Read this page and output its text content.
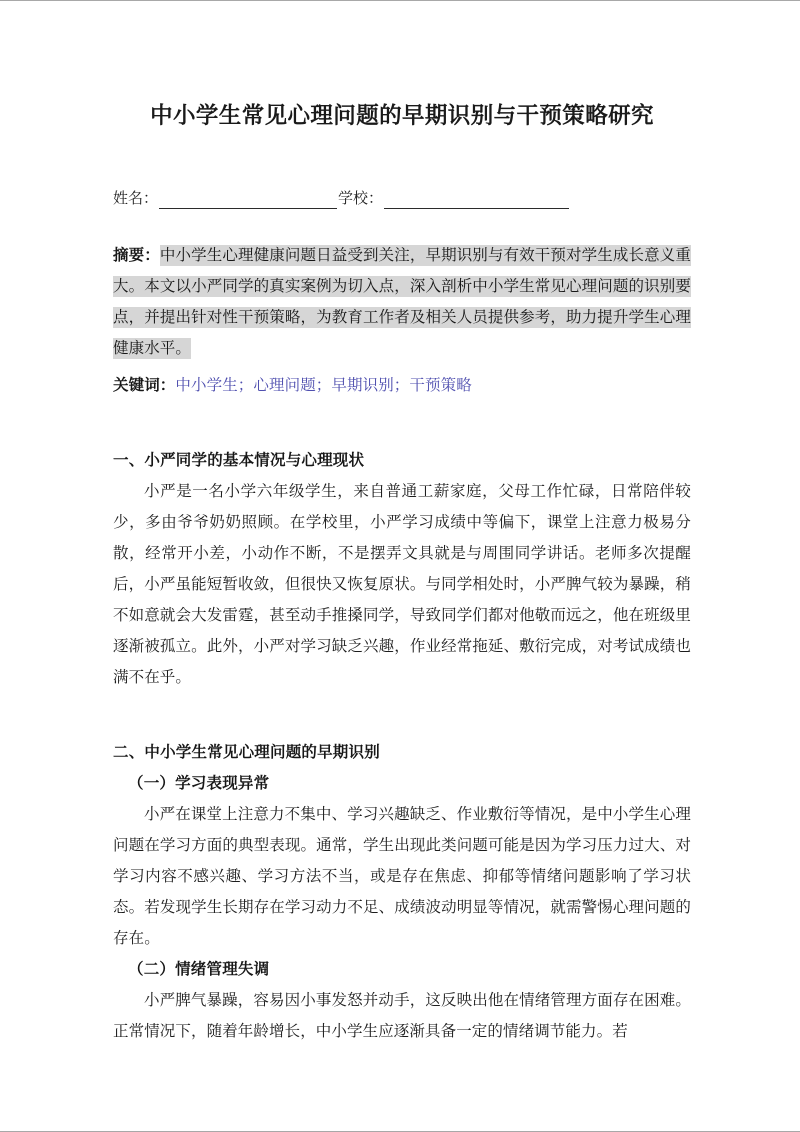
中小学生常见心理问题的早期识别与干预策略研究
姓名：	学校：

摘要：中小学生心理健康问题日益受到关注，早期识别与有效干预对学生成长意义重大。本文以小严同学的真实案例为切入点，深入剖析中小学生常见心理问题的识别要点，并提出针对性干预策略，为教育工作者及相关人员提供参考，助力提升学生心理健康水平。

关键词：中小学生；心理问题；早期识别；干预策略

一、小严同学的基本情况与心理现状

小严是一名小学六年级学生，来自普通工薪家庭，父母工作忙碌，日常陪伴较少，多由爷爷奶奶照顾。在学校里，小严学习成绩中等偏下，课堂上注意力极易分散，经常开小差，小动作不断，不是摆弄文具就是与周围同学讲话。老师多次提醒后，小严虽能短暂收敛，但很快又恢复原状。与同学相处时，小严脾气较为暴躁，稍不如意就会大发雷霆，甚至动手推搡同学，导致同学们都对他敬而远之，他在班级里逐渐被孤立。此外，小严对学习缺乏兴趣，作业经常拖延、敷衍完成，对考试成绩也满不在乎。

二、中小学生常见心理问题的早期识别
（一）学习表现异常

小严在课堂上注意力不集中、学习兴趣缺乏、作业敷衍等情况，是中小学生心理问题在学习方面的典型表现。通常，学生出现此类问题可能是因为学习压力过大、对学习内容不感兴趣、学习方法不当，或是存在焦虑、抑郁等情绪问题影响了学习状态。若发现学生长期存在学习动力不足、成绩波动明显等情况，就需警惕心理问题的存在。

（二）情绪管理失调

小严脾气暴躁，容易因小事发怒并动手，这反映出他在情绪管理方面存在困难。正常情况下，随着年龄增长，中小学生应逐渐具备一定的情绪调节能力。若
